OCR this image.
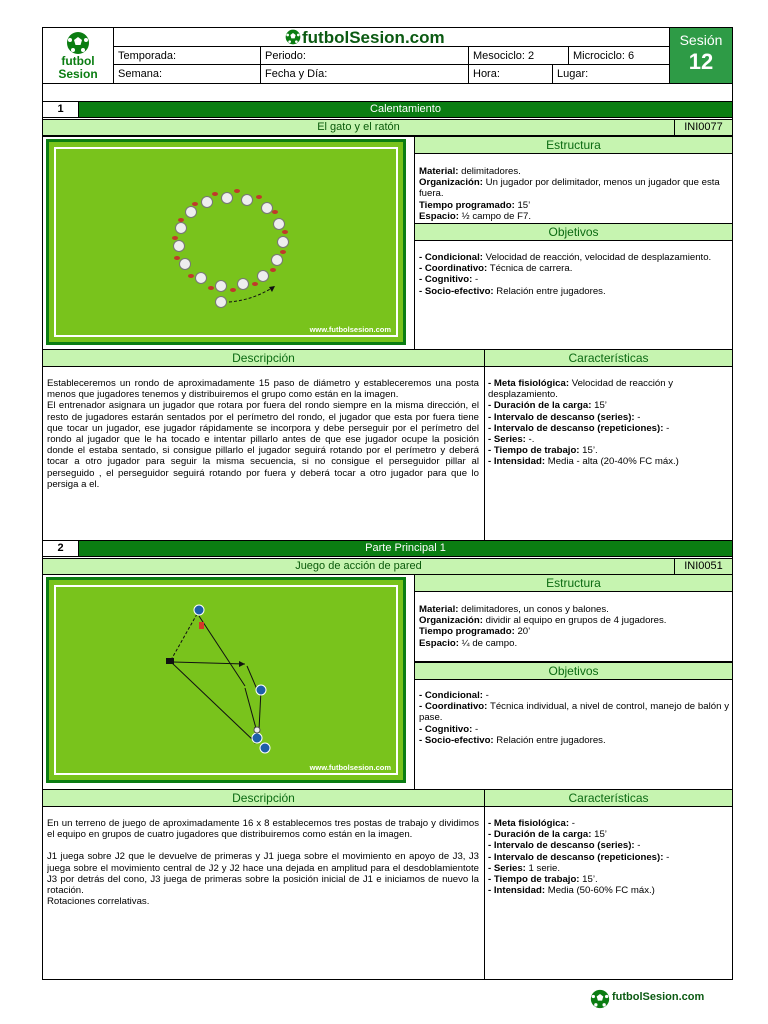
futbol
Sesion
futbolSesion.com	Sesión
12
Temporada:	Periodo:	Mesociclo: 2	Microciclo: 6
Semana:	Fecha y Día:	Hora:	Lugar:
1	Calentamiento
El gato y el ratón	INI0077
www.futbolsesion.com
Estructura

Material: delimitadores.

Organización: Un jugador por delimitador, menos un jugador que esta fuera.

Tiempo programado: 15’

Espacio: ½ campo de F7.

Objetivos

- Condicional: Velocidad de reacción, velocidad de desplazamiento.

- Coordinativo: Técnica de carrera.

- Cognitivo: -

- Socio-efectivo: Relación entre jugadores.

Descripción	Características

Estableceremos un rondo de aproximadamente 15 paso de diámetro y estableceremos una posta menos que jugadores tenemos y distribuiremos el grupo como están en la imagen.

El entrenador asignara un jugador que rotara por fuera del rondo siempre en la misma dirección, el resto de jugadores estarán sentados por el perímetro del rondo, el jugador que esta por fuera tiene que tocar un jugador, ese jugador rápidamente se incorpora y debe perseguir por el perímetro del rondo al jugador que le ha tocado e intentar pillarlo antes de que ese jugador ocupe la posición donde el estaba sentado, si consigue pillarlo el jugador seguirá rotando por el perímetro y deberá tocar a otro jugador para seguir la misma secuencia, si no consigue el perseguidor pillar al perseguido , el perseguidor seguirá rotando por fuera y deberá tocar a otro jugador para que lo persiga a el.

- Meta fisiológica: Velocidad de reacción y desplazamiento.

- Duración de la carga: 15’

- Intervalo de descanso (series): -

- Intervalo de descanso (repeticiones): -

- Series: -.

- Tiempo de trabajo: 15’.

- Intensidad: Media - alta (20-40% FC máx.)

2	Parte Principal 1
Juego de acción de pared	INI0051
www.futbolsesion.com
Estructura

Material: delimitadores, un conos y balones.

Organización: dividir al equipo en grupos de 4 jugadores.

Tiempo programado: 20’

Espacio: ¼ de campo.

Objetivos

- Condicional: -

- Coordinativo: Técnica individual, a nivel de control, manejo de balón y pase.

- Cognitivo: -

- Socio-efectivo: Relación entre jugadores.

Descripción	Características

En un terreno de juego de aproximadamente 16 x 8 establecemos tres postas de trabajo y dividimos el equipo en grupos de cuatro jugadores que distribuiremos como están en la imagen.

J1 juega sobre J2 que le devuelve de primeras y J1 juega sobre el movimiento en apoyo de J3, J3 juega sobre el movimiento central de J2 y J2 hace una dejada en amplitud para el desdoblamientote J3 por detrás del cono, J3 juega de primeras sobre la posición inicial de J1 e iniciamos de nuevo la rotación.

Rotaciones correlativas.

- Meta fisiológica: -

- Duración de la carga: 15’

- Intervalo de descanso (series): -

- Intervalo de descanso (repeticiones): -

- Series: 1 serie.

- Tiempo de trabajo: 15’.

- Intensidad: Media (50-60% FC máx.)

futbolSesion.com
